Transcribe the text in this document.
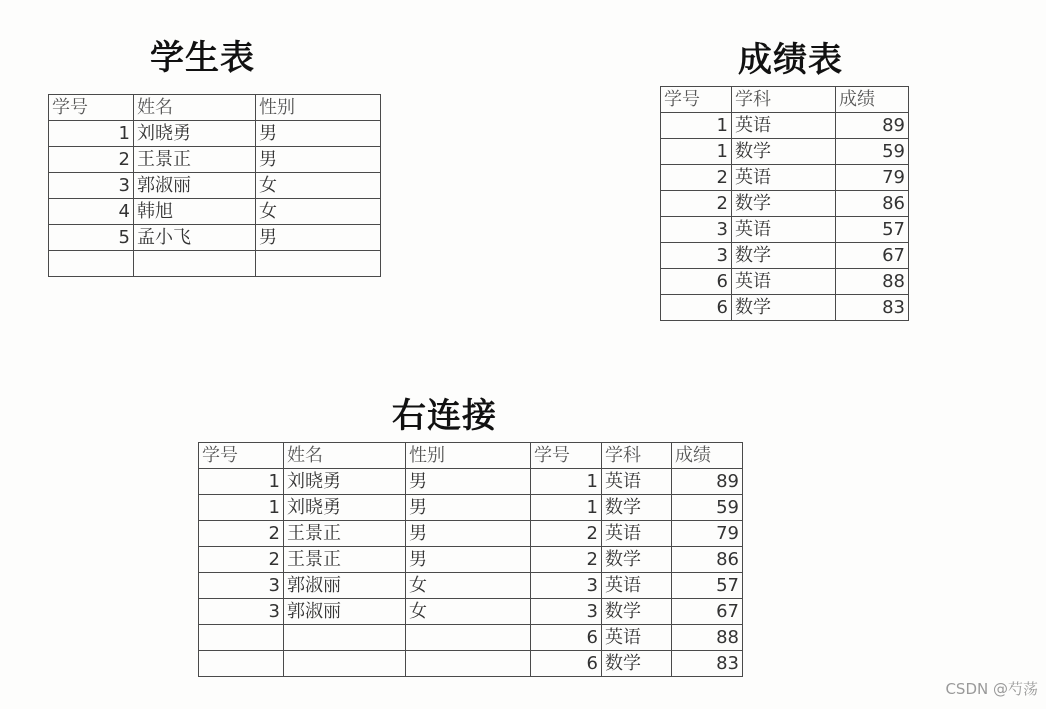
学生表
学号	姓名	性别
1	刘晓勇	男
2	王景正	男
3	郭淑丽	女
4	韩旭	女
5	孟小飞	男

成绩表
学号	学科	成绩
1	英语	89
1	数学	59
2	英语	79
2	数学	86
3	英语	57
3	数学	67
6	英语	88
6	数学	83
右连接
学号	姓名	性别	学号	学科	成绩
1	刘晓勇	男	1	英语	89
1	刘晓勇	男	1	数学	59
2	王景正	男	2	英语	79
2	王景正	男	2	数学	86
3	郭淑丽	女	3	英语	57
3	郭淑丽	女	3	数学	67
			6	英语	88
			6	数学	83
CSDN @芍荡
